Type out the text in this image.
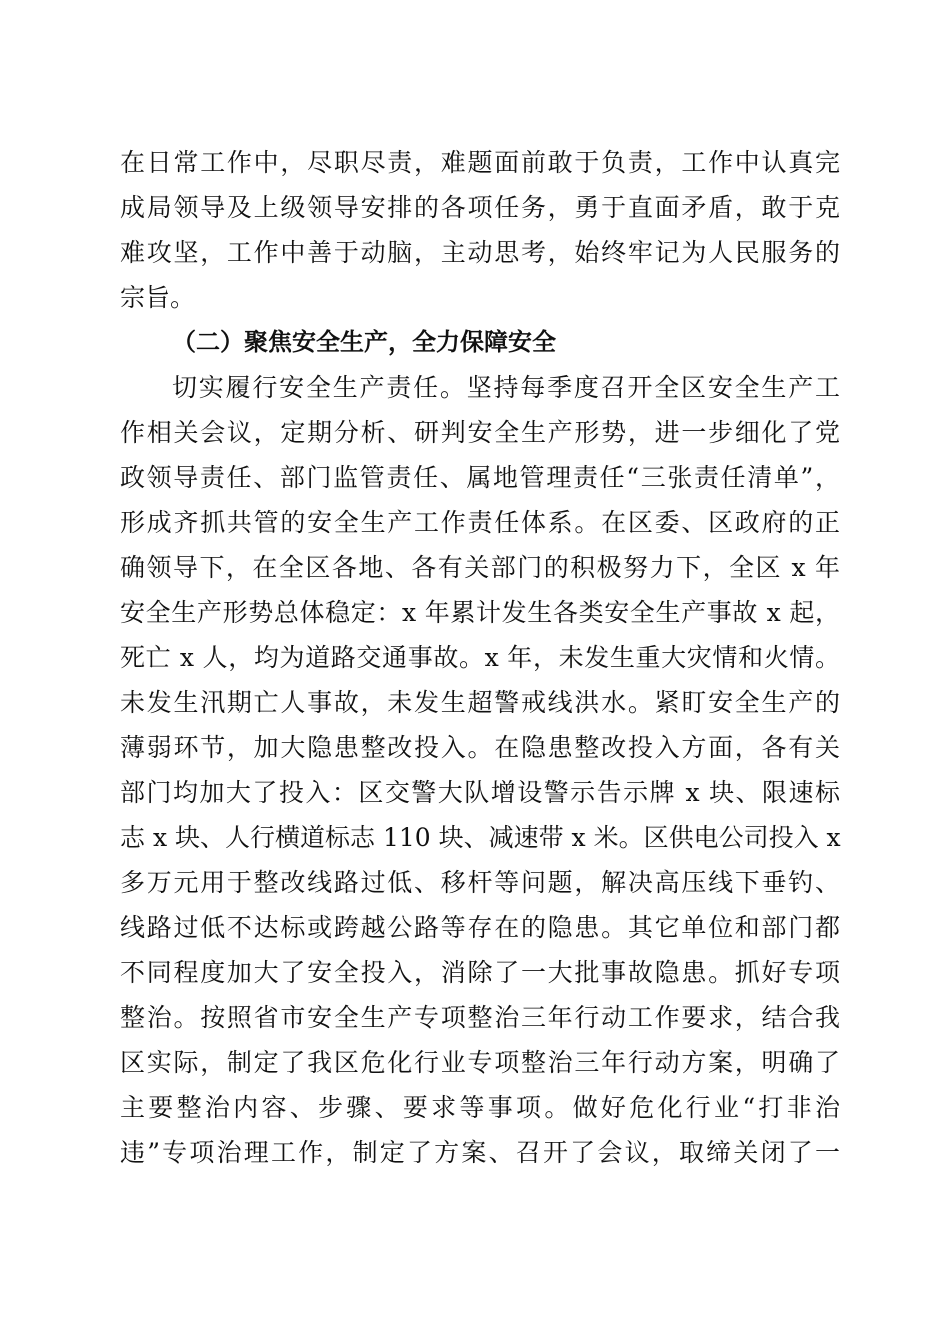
在日常工作中，尽职尽责，难题面前敢于负责，工作中认真完
成局领导及上级领导安排的各项任务，勇于直面矛盾，敢于克
难攻坚，工作中善于动脑，主动思考，始终牢记为人民服务的
宗旨。
（二）聚焦安全生产，全力保障安全
切实履行安全生产责任。坚持每季度召开全区安全生产工
作相关会议，定期分析、研判安全生产形势，进一步细化了党
政领导责任、部门监管责任、属地管理责任“三张责任清单”，
形成齐抓共管的安全生产工作责任体系。在区委、区政府的正
确领导下，在全区各地、各有关部门的积极努力下，全区 x 年
安全生产形势总体稳定：x 年累计发生各类安全生产事故 x 起，
死亡 x 人，均为道路交通事故。x 年，未发生重大灾情和火情。
未发生汛期亡人事故，未发生超警戒线洪水。紧盯安全生产的
薄弱环节，加大隐患整改投入。在隐患整改投入方面，各有关
部门均加大了投入：区交警大队增设警示告示牌 x 块、限速标
志 x 块、人行横道标志 110 块、减速带 x 米。区供电公司投入 x
多万元用于整改线路过低、移杆等问题，解决高压线下垂钓、
线路过低不达标或跨越公路等存在的隐患。其它单位和部门都
不同程度加大了安全投入，消除了一大批事故隐患。抓好专项
整治。按照省市安全生产专项整治三年行动工作要求，结合我
区实际，制定了我区危化行业专项整治三年行动方案，明确了
主要整治内容、步骤、要求等事项。做好危化行业“打非治
违”专项治理工作，制定了方案、召开了会议，取缔关闭了一
